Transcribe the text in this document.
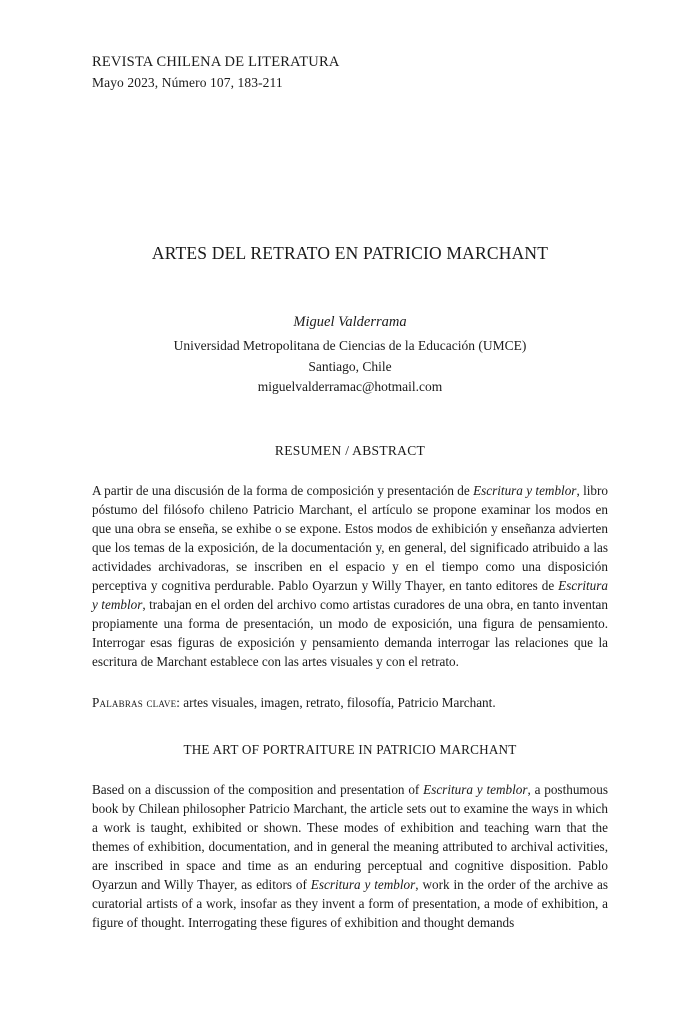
REVISTA CHILENA DE LITERATURA
Mayo 2023, Número 107, 183-211
ARTES DEL RETRATO EN PATRICIO MARCHANT
Miguel Valderrama
Universidad Metropolitana de Ciencias de la Educación (UMCE)
Santiago, Chile
miguelvalderramac@hotmail.com
RESUMEN / ABSTRACT

A partir de una discusión de la forma de composición y presentación de Escritura y temblor, libro póstumo del filósofo chileno Patricio Marchant, el artículo se propone examinar los modos en que una obra se enseña, se exhibe o se expone. Estos modos de exhibición y enseñanza advierten que los temas de la exposición, de la documentación y, en general, del significado atribuido a las actividades archivadoras, se inscriben en el espacio y en el tiempo como una disposición perceptiva y cognitiva perdurable. Pablo Oyarzun y Willy Thayer, en tanto editores de Escritura y temblor, trabajan en el orden del archivo como artistas curadores de una obra, en tanto inventan propiamente una forma de presentación, un modo de exposición, una figura de pensamiento. Interrogar esas figuras de exposición y pensamiento demanda interrogar las relaciones que la escritura de Marchant establece con las artes visuales y con el retrato.

Palabras clave: artes visuales, imagen, retrato, filosofía, Patricio Marchant.
THE ART OF PORTRAITURE IN PATRICIO MARCHANT

Based on a discussion of the composition and presentation of Escritura y temblor, a posthumous book by Chilean philosopher Patricio Marchant, the article sets out to examine the ways in which a work is taught, exhibited or shown. These modes of exhibition and teaching warn that the themes of exhibition, documentation, and in general the meaning attributed to archival activities, are inscribed in space and time as an enduring perceptual and cognitive disposition. Pablo Oyarzun and Willy Thayer, as editors of Escritura y temblor, work in the order of the archive as curatorial artists of a work, insofar as they invent a form of presentation, a mode of exhibition, a figure of thought. Interrogating these figures of exhibition and thought demands
